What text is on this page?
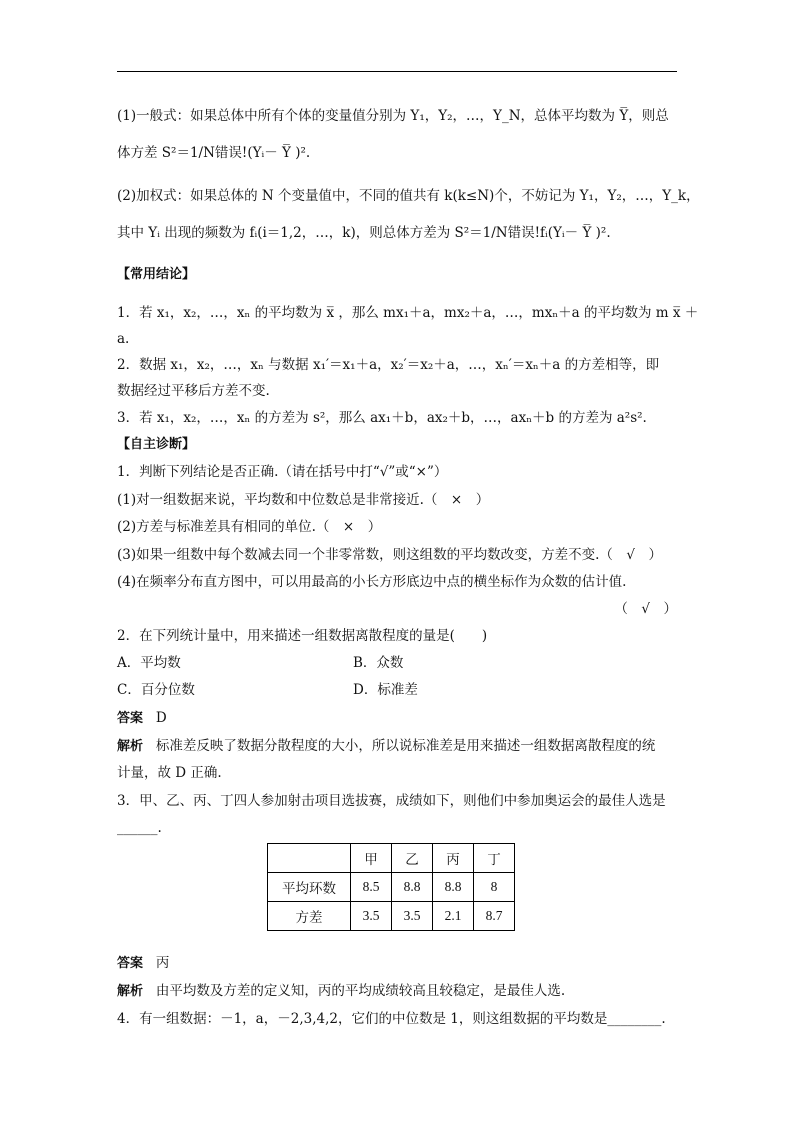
(1)一般式：如果总体中所有个体的变量值分别为 Y₁，Y₂，…，Y_N，总体平均数为 Y̅，则总
体方差 S²＝1/N错误!(Yᵢ－ Y̅ )².
(2)加权式：如果总体的 N 个变量值中，不同的值共有 k(k≤N)个，不妨记为 Y₁，Y₂，…，Y_k，
其中 Yᵢ 出现的频数为 fᵢ(i＝1,2，…，k)，则总体方差为 S²＝1/N错误!fᵢ(Yᵢ－ Y̅ )².
【常用结论】
1．若 x₁，x₂，…，xₙ 的平均数为 x̅ ，那么 mx₁＋a，mx₂＋a，…，mxₙ＋a 的平均数为 m x̅ ＋
a.
2．数据 x₁，x₂，…，xₙ 与数据 x₁′＝x₁＋a，x₂′＝x₂＋a，…，xₙ′＝xₙ＋a 的方差相等，即
数据经过平移后方差不变.
3．若 x₁，x₂，…，xₙ 的方差为 s²，那么 ax₁＋b，ax₂＋b，…，axₙ＋b 的方差为 a²s².
【自主诊断】
1．判断下列结论是否正确.（请在括号中打“√”或“×”）
(1)对一组数据来说，平均数和中位数总是非常接近.（　×　）
(2)方差与标准差具有相同的单位.（　×　）
(3)如果一组数中每个数减去同一个非零常数，则这组数的平均数改变，方差不变.（　√　）
(4)在频率分布直方图中，可以用最高的小长方形底边中点的横坐标作为众数的估计值.
（　√　）
2．在下列统计量中，用来描述一组数据离散程度的量是(　　)
A．平均数	B．众数
C．百分位数	D．标准差
答案 D
解析 标准差反映了数据分散程度的大小，所以说标准差是用来描述一组数据离散程度的统
计量，故 D 正确.
3．甲、乙、丙、丁四人参加射击项目选拔赛，成绩如下，则他们中参加奥运会的最佳人选是
______.
	甲	乙	丙	丁
平均环数	8.5	8.8	8.8	8
方差	3.5	3.5	2.1	8.7
答案 丙
解析 由平均数及方差的定义知，丙的平均成绩较高且较稳定，是最佳人选.
4．有一组数据：－1，a，－2,3,4,2，它们的中位数是 1，则这组数据的平均数是________.
